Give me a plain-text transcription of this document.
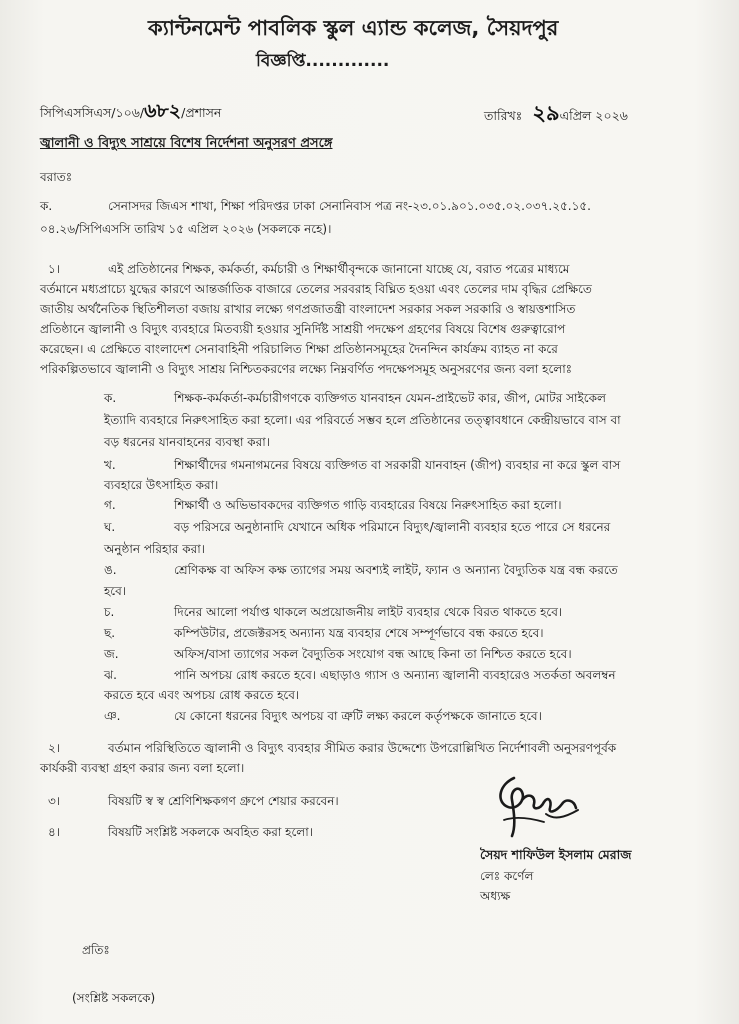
ক্যান্টনমেন্ট পাবলিক স্কুল এ্যান্ড কলেজ, সৈয়দপুর
বিজ্ঞপ্তি.............
সিপিএসসিএস/১০৬/৬৮২/প্রশাসন	তারিখঃ ২৯এপ্রিল ২০২৬
জ্বালানী ও বিদ্যুৎ সাশ্রয়ে বিশেষ নির্দেশনা অনুসরণ প্রসঙ্গে
বরাতঃ
ক.	সেনাসদর জিএস শাখা, শিক্ষা পরিদপ্তর ঢাকা সেনানিবাস পত্র নং-২৩.০১.৯০১.০৩৫.০২.০৩৭.২৫.১৫.
০৪.২৬/সিপিএসসি তারিখ ১৫ এপ্রিল ২০২৬ (সকলকে নহে)।
১।	এই প্রতিষ্ঠানের শিক্ষক, কর্মকর্তা, কর্মচারী ও শিক্ষার্থীবৃন্দকে জানানো যাচ্ছে যে, বরাত পত্রের মাধ্যমে
বর্তমানে মধ্যপ্রাচ্যে যুদ্ধের কারণে আন্তর্জাতিক বাজারে তেলের সরবরাহ বিঘ্নিত হওয়া এবং তেলের দাম বৃদ্ধির প্রেক্ষিতে
জাতীয় অর্থনৈতিক স্থিতিশীলতা বজায় রাখার লক্ষ্যে গণপ্রজাতন্ত্রী বাংলাদেশ সরকার সকল সরকারি ও স্বায়ত্তশাসিত
প্রতিষ্ঠানে জ্বালানী ও বিদ্যুৎ ব্যবহারে মিতব্যয়ী হওয়ার সুনির্দিষ্ট সাশ্রয়ী পদক্ষেপ গ্রহণের বিষয়ে বিশেষ গুরুত্বারোপ
করেছেন। এ প্রেক্ষিতে বাংলাদেশ সেনাবাহিনী পরিচালিত শিক্ষা প্রতিষ্ঠানসমূহের দৈনন্দিন কার্যক্রম ব্যাহত না করে
পরিকল্পিতভাবে জ্বালানী ও বিদ্যুৎ সাশ্রয় নিশ্চিতকরণের লক্ষ্যে নিম্নবর্ণিত পদক্ষেপসমূহ অনুসরণের জন্য বলা হলোঃ
ক.	শিক্ষক-কর্মকর্তা-কর্মচারীগণকে ব্যক্তিগত যানবাহন যেমন-প্রাইভেট কার, জীপ, মোটর সাইকেল
ইত্যাদি ব্যবহারে নিরুৎসাহিত করা হলো। এর পরিবর্তে সম্ভব হলে প্রতিষ্ঠানের তত্ত্বাবধানে কেন্দ্রীয়ভাবে বাস বা
বড় ধরনের যানবাহনের ব্যবস্থা করা।
খ.	শিক্ষার্থীদের গমনাগমনের বিষয়ে ব্যক্তিগত বা সরকারী যানবাহন (জীপ) ব্যবহার না করে স্কুল বাস
ব্যবহারে উৎসাহিত করা।
গ.	শিক্ষার্থী ও অভিভাবকদের ব্যক্তিগত গাড়ি ব্যবহারের বিষয়ে নিরুৎসাহিত করা হলো।
ঘ.	বড় পরিসরে অনুষ্ঠানাদি যেখানে অধিক পরিমানে বিদ্যুৎ/জ্বালানী ব্যবহার হতে পারে সে ধরনের
অনুষ্ঠান পরিহার করা।
ঙ.	শ্রেণিকক্ষ বা অফিস কক্ষ ত্যাগের সময় অবশ্যই লাইট, ফ্যান ও অন্যান্য বৈদ্যুতিক যন্ত্র বন্ধ করতে
হবে।
চ.	দিনের আলো পর্যাপ্ত থাকলে অপ্রয়োজনীয় লাইট ব্যবহার থেকে বিরত থাকতে হবে।
ছ.	কম্পিউটার, প্রজেক্টরসহ অন্যান্য যন্ত্র ব্যবহার শেষে সম্পূর্ণভাবে বন্ধ করতে হবে।
জ.	অফিস/বাসা ত্যাগের সকল বৈদ্যুতিক সংযোগ বন্ধ আছে কিনা তা নিশ্চিত করতে হবে।
ঝ.	পানি অপচয় রোধ করতে হবে। এছাড়াও গ্যাস ও অন্যান্য জ্বালানী ব্যবহারেও সতর্কতা অবলম্বন
করতে হবে এবং অপচয় রোধ করতে হবে।
ঞ.	যে কোনো ধরনের বিদ্যুৎ অপচয় বা ত্রুটি লক্ষ্য করলে কর্তৃপক্ষকে জানাতে হবে।
২।	বর্তমান পরিস্থিতিতে জ্বালানী ও বিদ্যুৎ ব্যবহার সীমিত করার উদ্দেশ্যে উপরোল্লিখিত নির্দেশাবলী অনুসরণপূর্বক
কার্যকরী ব্যবস্থা গ্রহণ করার জন্য বলা হলো।
৩।	বিষয়টি স্ব স্ব শ্রেণিশিক্ষকগণ গ্রুপে শেয়ার করবেন।
৪।	বিষয়টি সংশ্লিষ্ট সকলকে অবহিত করা হলো।
সৈয়দ শাফিউল ইসলাম মেরাজ
লেঃ কর্ণেল
অধ্যক্ষ
প্রতিঃ
(সংশ্লিষ্ট সকলকে)
